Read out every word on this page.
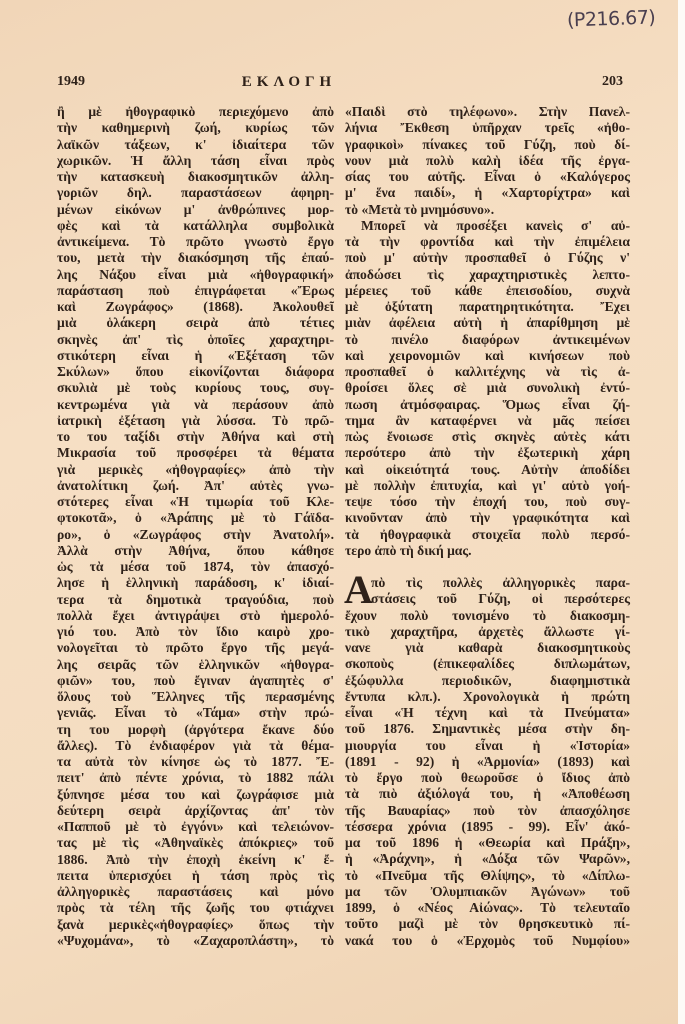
(P216.67)
1949	ΕΚΛΟΓΗ	203
ἢ μὲ ἠθογραφικὸ περιεχόμενο ἀπὸ
τὴν καθημερινὴ ζωή, κυρίως τῶν
λαϊκῶν τάξεων, κ' ἰδιαίτερα τῶν
χωρικῶν. Ἡ ἄλλη τάση εἶναι πρὸς
τὴν κατασκευὴ διακοσμητικῶν ἀλλη-
γοριῶν δηλ. παραστάσεων ἀφηρη-
μένων εἰκόνων μ' ἀνθρώπινες μορ-
φὲς καὶ τὰ κατάλληλα συμβολικὰ
ἀντικείμενα. Τὸ πρῶτο γνωστὸ ἔργο
του, μετὰ τὴν διακόσμηση τῆς ἐπαύ-
λης Νάξου εἶναι μιὰ «ἠθογραφική»
παράσταση ποὺ ἐπιγράφεται «Ἔρως
καὶ Ζωγράφος» (1868). Ἀκολουθεῖ
μιὰ ὁλάκερη σειρὰ ἀπὸ τέτιες
σκηνὲς ἀπ' τὶς ὁποῖες χαραχτηρι-
στικότερη εἶναι ἡ «Ἐξέταση τῶν
Σκύλων» ὅπου εἰκονίζονται διάφορα
σκυλιὰ μὲ τοὺς κυρίους τους, συγ-
κεντρωμένα γιὰ νὰ περάσουν ἀπὸ
ἰατρικὴ ἐξέταση γιὰ λύσσα. Τὸ πρῶ-
το του ταξίδι στὴν Ἀθήνα καὶ στὴ
Μικρασία τοῦ προσφέρει τὰ θέματα
γιὰ μερικὲς «ἠθογραφίες» ἀπὸ τὴν
ἀνατολίτικη ζωή. Ἀπ' αὐτὲς γνω-
στότερες εἶναι «Ἡ τιμωρία τοῦ Κλε-
φτοκοτᾶ», ὁ «Ἀράπης μὲ τὸ Γάϊδα-
ρο», ὁ «Ζωγράφος στὴν Ἀνατολή».
Ἀλλὰ στὴν Ἀθήνα, ὅπου κάθησε
ὡς τὰ μέσα τοῦ 1874, τὸν ἀπασχό-
λησε ἡ ἑλληνικὴ παράδοση, κ' ἰδιαί-
τερα τὰ δημοτικὰ τραγούδια, ποὺ
πολλὰ ἔχει ἀντιγράψει στὸ ἡμερολό-
γιό του. Ἀπὸ τὸν ἴδιο καιρὸ χρο-
νολογεῖται τὸ πρῶτο ἔργο τῆς μεγά-
λης σειρᾶς τῶν ἑλληνικῶν «ἠθογρα-
φιῶν» του, ποὺ ἔγιναν ἀγαπητὲς σ'
ὅλους τοὺ Ἕλληνες τῆς περασμένης
γενιᾶς. Εἶναι τὸ «Τάμα» στὴν πρώ-
τη του μορφὴ (ἀργότερα ἔκανε δύο
ἄλλες). Τὸ ἐνδιαφέρον γιὰ τὰ θέμα-
τα αὐτὰ τὸν κίνησε ὡς τὸ 1877. Ἔ-
πειτ' ἀπὸ πέντε χρόνια, τὸ 1882 πάλι
ξύπνησε μέσα του καὶ ζωγράφισε μιὰ
δεύτερη σειρὰ ἀρχίζοντας ἀπ' τὸν
«Παπποῦ μὲ τὸ ἐγγόνι» καὶ τελειώνον-
τας μὲ τὶς «Ἀθηναϊκὲς ἀπόκριες» τοῦ
1886. Ἀπὸ τὴν ἐποχὴ ἐκείνη κ' ἔ-
πειτα ὑπερισχύει ἡ τάση πρὸς τὶς
ἀλληγορικὲς παραστάσεις καὶ μόνο
πρὸς τὰ τέλη τῆς ζωῆς του φτιάχνει
ξανὰ μερικὲς«ἠθογραφίες» ὅπως τὴν
«Ψυχομάνα», τὸ «Ζαχαροπλάστη», τὸ
«Παιδὶ στὸ τηλέφωνο». Στὴν Πανελ-
λήνια Ἔκθεση ὑπῆρχαν τρεῖς «ἠθο-
γραφικοὶ» πίνακες τοῦ Γύζη, ποὺ δί-
νουν μιὰ πολὺ καλὴ ἰδέα τῆς ἐργα-
σίας του αὐτῆς. Εἶναι ὁ «Καλόγερος
μ' ἕνα παιδί», ἡ «Χαρτορίχτρα» καὶ
τὸ «Μετὰ τὸ μνημόσυνο».
Μπορεῖ νὰ προσέξει κανεὶς σ' αὐ-
τὰ τὴν φροντίδα καὶ τὴν ἐπιμέλεια
ποὺ μ' αὐτὴν προσπαθεῖ ὁ Γύζης ν'
ἀποδώσει τὶς χαραχτηριστικὲς λεπτο-
μέρειες τοῦ κάθε ἐπεισοδίου, συχνὰ
μὲ ὀξύτατη παρατηρητικότητα. Ἔχει
μιὰν ἀφέλεια αὐτὴ ἡ ἀπαρίθμηση μὲ
τὸ πινέλο διαφόρων ἀντικειμένων
καὶ χειρονομιῶν καὶ κινήσεων ποὺ
προσπαθεῖ ὁ καλλιτέχνης νὰ τὶς ἀ-
θροίσει ὅλες σὲ μιὰ συνολικὴ ἐντύ-
πωση ἀτμόσφαιρας. Ὅμως εἶναι ζή-
τημα ἂν καταφέρνει νὰ μᾶς πείσει
πὼς ἔνοιωσε στὶς σκηνὲς αὐτὲς κάτι
περσότερο ἀπὸ τὴν ἐξωτερικὴ χάρη
καὶ οἰκειότητά τους. Αὐτὴν ἀποδίδει
μὲ πολλὴν ἐπιτυχία, καὶ γι' αὐτὸ γοή-
τεψε τόσο τὴν ἐποχή του, ποὺ συγ-
κινοῦνταν ἀπὸ τὴν γραφικότητα καὶ
τὰ ἠθογραφικὰ στοιχεῖα πολὺ περσό-
τερο ἀπὸ τὴ δική μας.
Α
πὸ τὶς πολλὲς ἀλληγορικὲς παρα-
στάσεις τοῦ Γύζη, οἱ περσότερες
ἔχουν πολὺ τονισμένο τὸ διακοσμη-
τικὸ χαραχτῆρα, ἀρχετὲς ἄλλωστε γί-
νανε γιὰ καθαρὰ διακοσμητικοὺς
σκοποὺς (ἐπικεφαλίδες διπλωμάτων,
ἐξώφυλλα περιοδικῶν, διαφημιστικὰ
ἔντυπα κλπ.). Χρονολογικὰ ἡ πρώτη
εἶναι «Ἡ τέχνη καὶ τὰ Πνεύματα»
τοῦ 1876. Σημαντικὲς μέσα στὴν δη-
μιουργία του εἶναι ἡ «Ἱστορία»
(1891 - 92) ἡ «Ἁρμονία» (1893) καὶ
τὸ ἔργο ποὺ θεωροῦσε ὁ ἴδιος ἀπὸ
τὰ πιὸ ἀξιόλογά του, ἡ «Ἀποθέωση
τῆς Βαυαρίας» ποὺ τὸν ἀπασχόλησε
τέσσερα χρόνια (1895 - 99). Εἶν' ἀκό-
μα τοῦ 1896 ἡ «Θεωρία καὶ Πράξη»,
ἡ «Ἀράχνη», ἡ «Δόξα τῶν Ψαρῶν»,
τὸ «Πνεῦμα τῆς Θλίψης», τὸ «Δίπλω-
μα τῶν Ὀλυμπιακῶν Ἀγώνων» τοῦ
1899, ὁ «Νέος Αἰώνας». Τὸ τελευταῖο
τοῦτο μαζὶ μὲ τὸν θρησκευτικὸ πί-
νακά του ὁ «Ἐρχομὸς τοῦ Νυμφίου»
